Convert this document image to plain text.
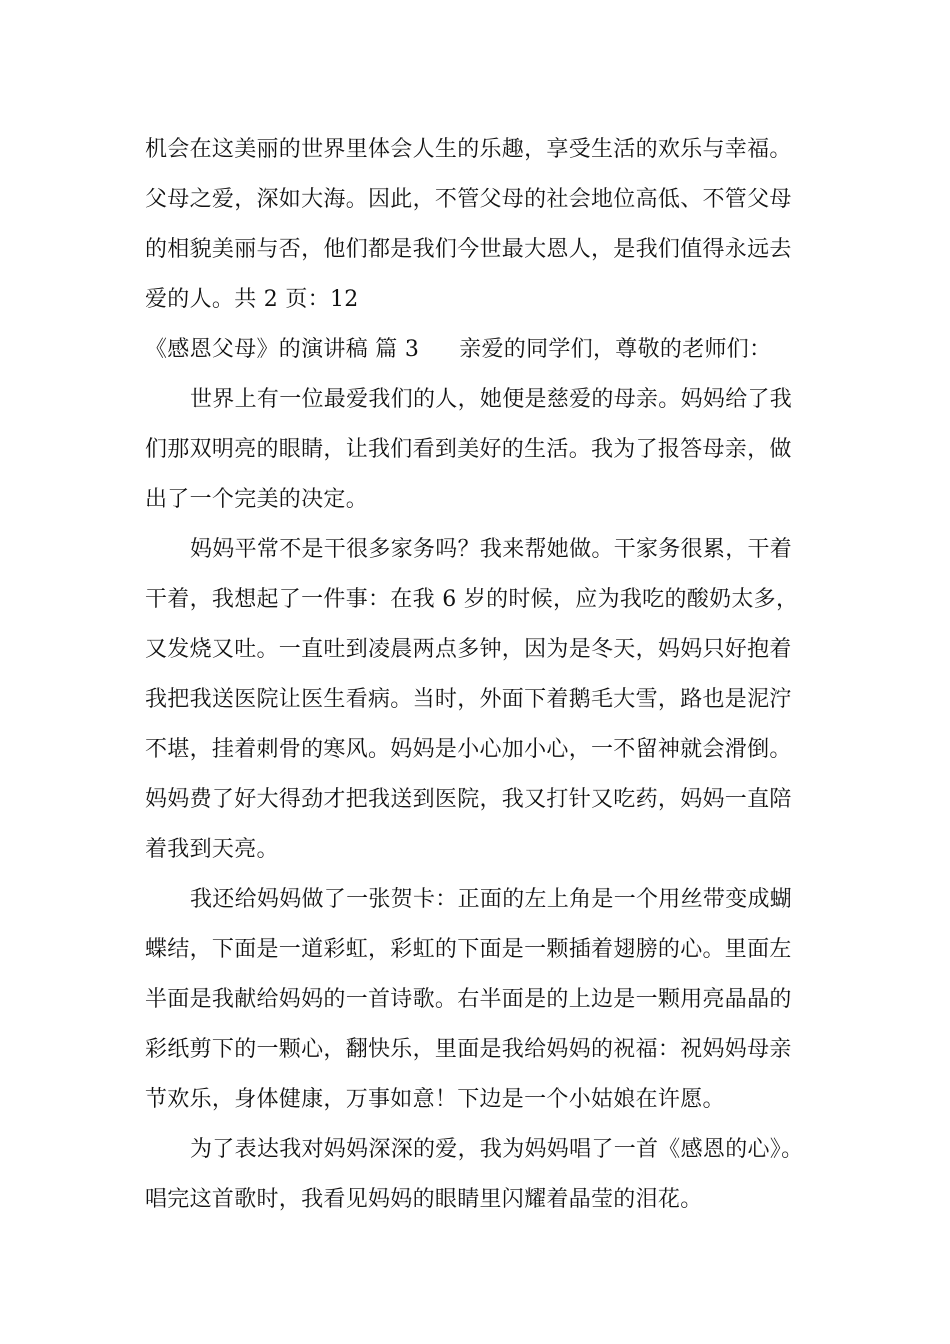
机会在这美丽的世界里体会人生的乐趣，享受生活的欢乐与幸福。
父母之爱，深如大海。因此，不管父母的社会地位高低、不管父母
的相貌美丽与否，他们都是我们今世最大恩人，是我们值得永远去
爱的人。共 2 页：12
《感恩父母》的演讲稿 篇 3 亲爱的同学们，尊敬的老师们：
世界上有一位最爱我们的人，她便是慈爱的母亲。妈妈给了我
们那双明亮的眼睛，让我们看到美好的生活。我为了报答母亲，做
出了一个完美的决定。
妈妈平常不是干很多家务吗？我来帮她做。干家务很累，干着
干着，我想起了一件事：在我 6 岁的时候，应为我吃的酸奶太多，
又发烧又吐。一直吐到凌晨两点多钟，因为是冬天，妈妈只好抱着
我把我送医院让医生看病。当时，外面下着鹅毛大雪，路也是泥泞
不堪，挂着刺骨的寒风。妈妈是小心加小心，一不留神就会滑倒。
妈妈费了好大得劲才把我送到医院，我又打针又吃药，妈妈一直陪
着我到天亮。
我还给妈妈做了一张贺卡：正面的左上角是一个用丝带变成蝴
蝶结，下面是一道彩虹，彩虹的下面是一颗插着翅膀的心。里面左
半面是我献给妈妈的一首诗歌。右半面是的上边是一颗用亮晶晶的
彩纸剪下的一颗心，翻快乐，里面是我给妈妈的祝福：祝妈妈母亲
节欢乐，身体健康，万事如意！下边是一个小姑娘在许愿。
为了表达我对妈妈深深的爱，我为妈妈唱了一首《感恩的心》。
唱完这首歌时，我看见妈妈的眼睛里闪耀着晶莹的泪花。
